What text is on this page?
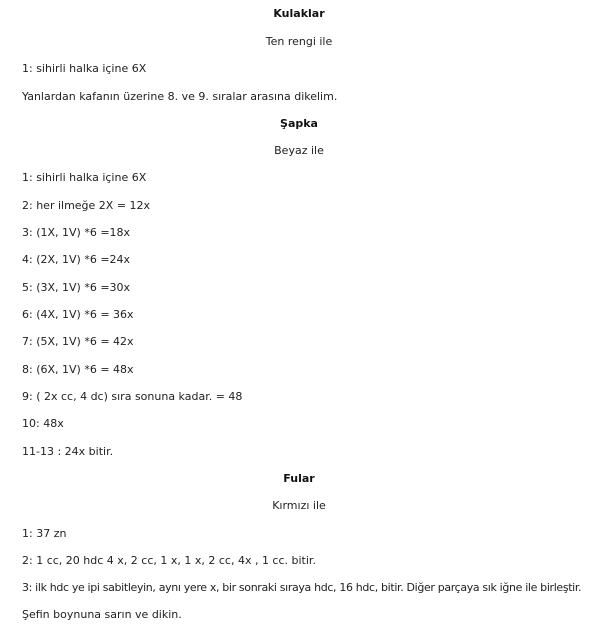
Kulaklar
Ten rengi ile
1: sihirli halka içine 6X
Yanlardan kafanın üzerine 8. ve 9. sıralar arasına dikelim.
Şapka
Beyaz ile
1: sihirli halka içine 6X
2: her ilmeğe 2X = 12x
3: (1X, 1V) *6 =18x
4: (2X, 1V) *6 =24x
5: (3X, 1V) *6 =30x
6: (4X, 1V) *6 = 36x
7: (5X, 1V) *6 = 42x
8: (6X, 1V) *6 = 48x
9: ( 2x cc, 4 dc) sıra sonuna kadar. = 48
10: 48x
11-13 : 24x bitir.
Fular
Kırmızı ile
1: 37 zn
2: 1 cc, 20 hdc 4 x, 2 cc, 1 x, 1 x, 2 cc, 4x , 1 cc. bitir.
3: ilk hdc ye ipi sabitleyin, aynı yere x, bir sonraki sıraya hdc, 16 hdc, bitir. Diğer parçaya sık iğne ile birleştir.
Şefin boynuna sarın ve dikin.
